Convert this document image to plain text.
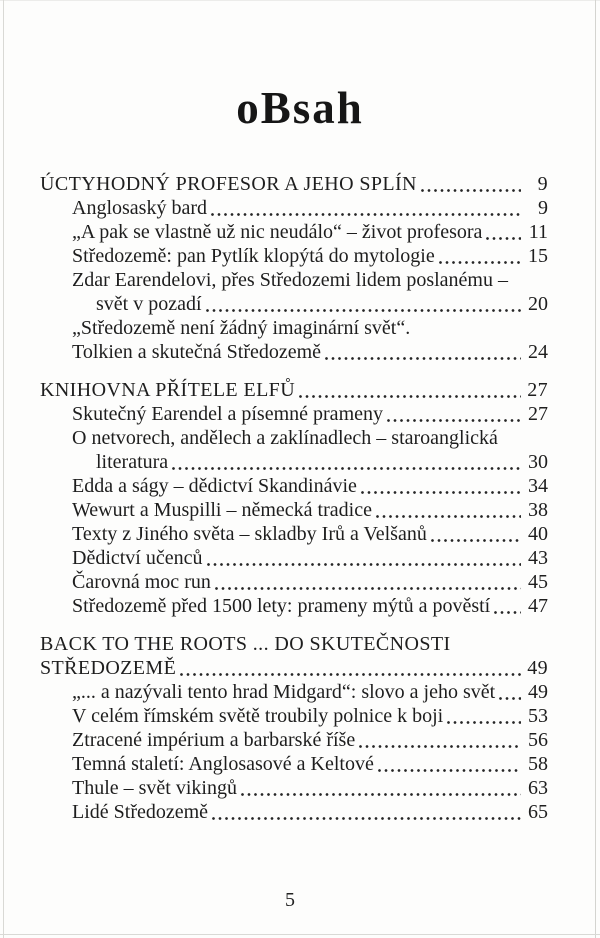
oBsah
ÚCTYHODNÝ PROFESOR A JEHO SPLÍN	9
Anglosaský bard	9
„A pak se vlastně už nic neudálo“ – život profesora 11
Středozemě: pan Pytlík klopýtá do mytologie	15
Zdar Earendelovi, přes Středozemi lidem poslanému –
svět v pozadí	20
„Středozemě není žádný imaginární svět“.
Tolkien a skutečná Středozemě	24
KNIHOVNA PŘÍTELE ELFŮ	27
Skutečný Earendel a písemné prameny	27
O netvorech, andělech a zaklínadlech – staroanglická
literatura	30
Edda a ságy – dědictví Skandinávie	34
Wewurt a Muspilli – německá tradice	38
Texty z Jiného světa – skladby Irů a Velšanů	40
Dědictví učenců	43
Čarovná moc run	45
Středozemě před 1500 lety: prameny mýtů a pověstí 47
BACK TO THE ROOTS ... DO SKUTEČNOSTI
STŘEDOZEMĚ	49
„... a nazývali tento hrad Midgard“: slovo a jeho svět 49
V celém římském světě troubily polnice k boji	53
Ztracené impérium a barbarské říše	56
Temná staletí: Anglosasové a Keltové	58
Thule – svět vikingů	63
Lidé Středozemě	65
5
